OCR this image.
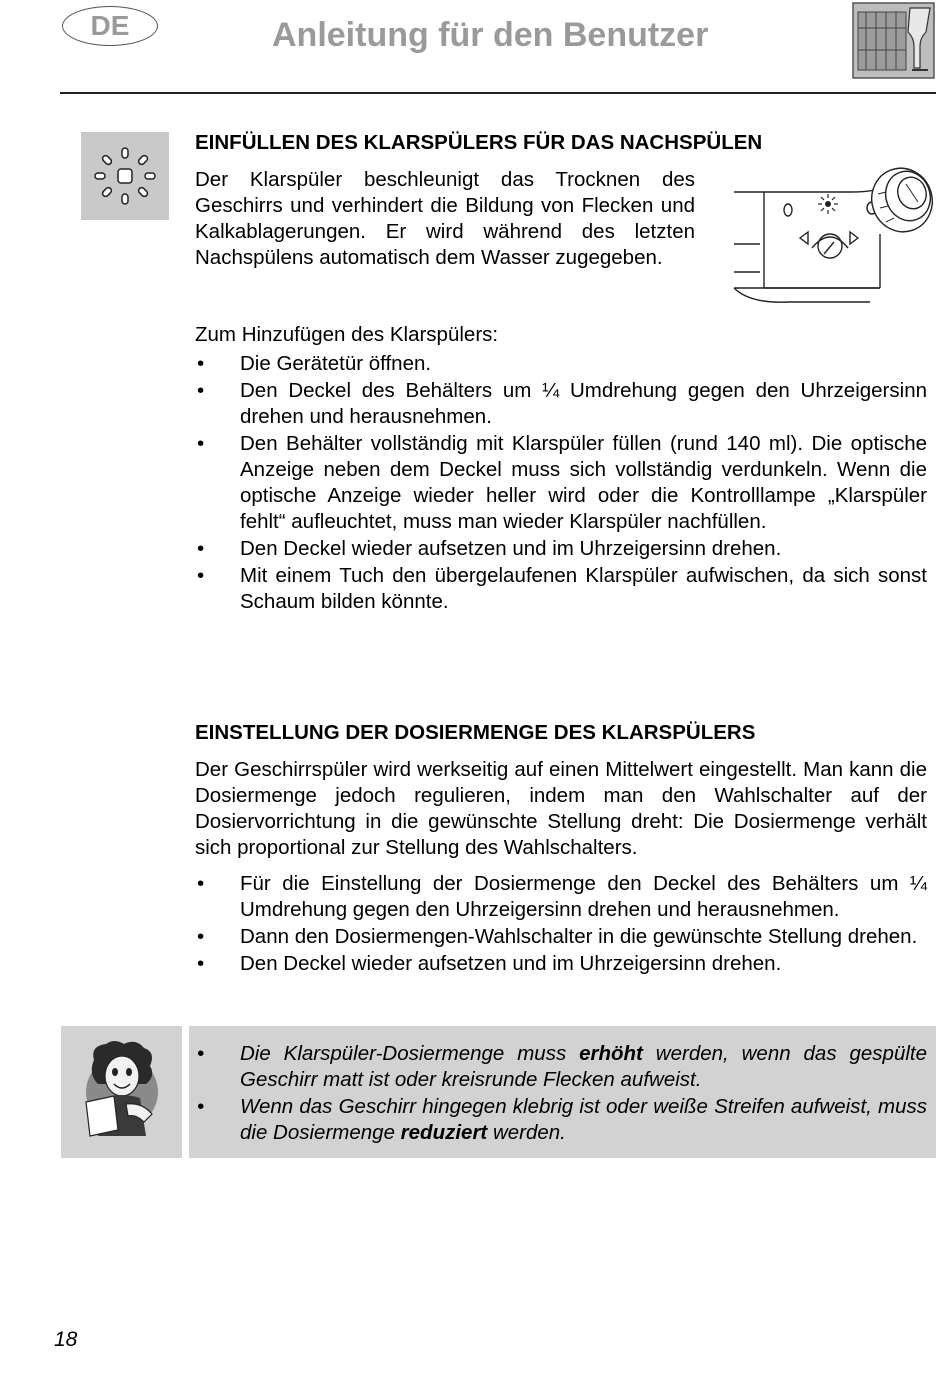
DE	Anleitung für den Benutzer
EINFÜLLEN DES KLARSPÜLERS FÜR DAS NACHSPÜLEN

Der Klarspüler beschleunigt das Trocknen des Geschirrs und verhindert die Bildung von Flecken und Kalkablagerungen. Er wird während des letzten Nachspülens automatisch dem Wasser zugegeben.

Zum Hinzufügen des Klarspülers:
• Die Gerätetür öffnen.
• Den Deckel des Behälters um ¼ Umdrehung gegen den Uhrzeigersinn drehen und herausnehmen.
• Den Behälter vollständig mit Klarspüler füllen (rund 140 ml). Die optische Anzeige neben dem Deckel muss sich vollständig verdunkeln. Wenn die optische Anzeige wieder heller wird oder die Kontrolllampe „Klarspüler fehlt“ aufleuchtet, muss man wieder Klarspüler nachfüllen.
• Den Deckel wieder aufsetzen und im Uhrzeigersinn drehen.
• Mit einem Tuch den übergelaufenen Klarspüler aufwischen, da sich sonst Schaum bilden könnte.
EINSTELLUNG DER DOSIERMENGE DES KLARSPÜLERS

Der Geschirrspüler wird werkseitig auf einen Mittelwert eingestellt. Man kann die Dosiermenge jedoch regulieren, indem man den Wahlschalter auf der Dosiervorrichtung in die gewünschte Stellung dreht: Die Dosiermenge verhält sich proportional zur Stellung des Wahlschalters.

• Für die Einstellung der Dosiermenge den Deckel des Behälters um ¼ Umdrehung gegen den Uhrzeigersinn drehen und herausnehmen.
• Dann den Dosiermengen-Wahlschalter in die gewünschte Stellung drehen.
• Den Deckel wieder aufsetzen und im Uhrzeigersinn drehen.
• Die Klarspüler-Dosiermenge muss erhöht werden, wenn das gespülte Geschirr matt ist oder kreisrunde Flecken aufweist.
• Wenn das Geschirr hingegen klebrig ist oder weiße Streifen aufweist, muss die Dosiermenge reduziert werden.
18
